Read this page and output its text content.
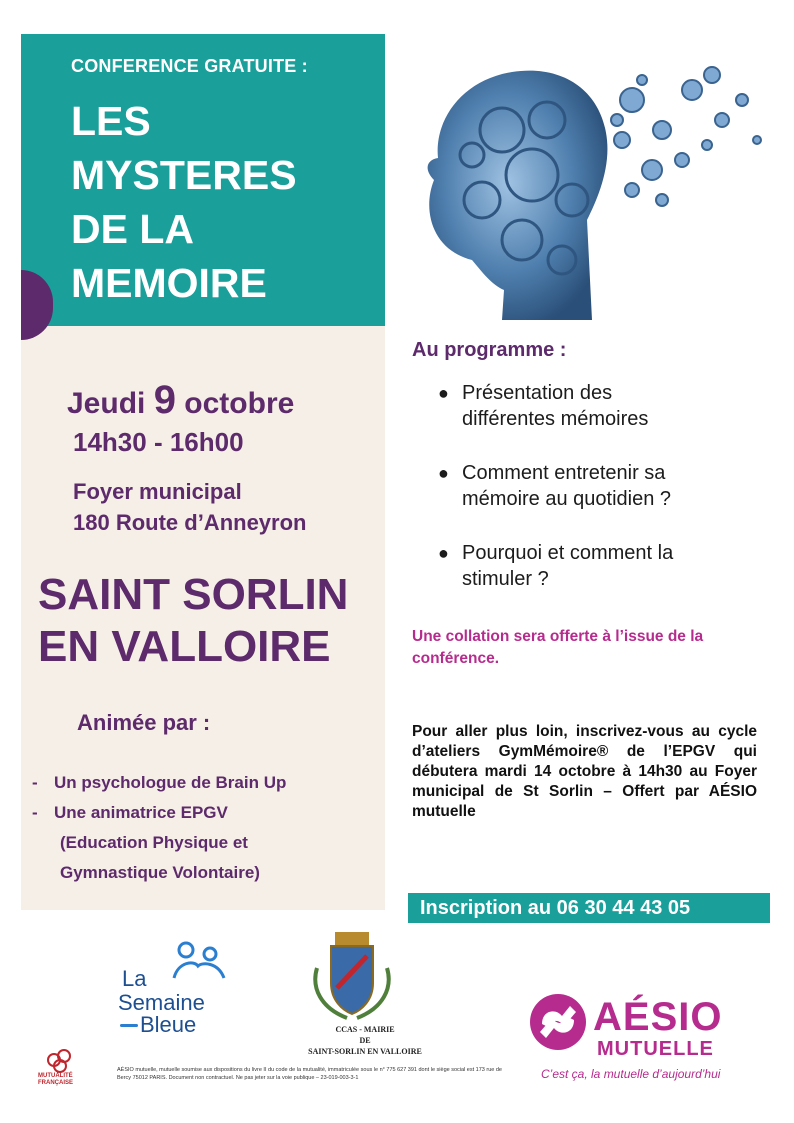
CONFERENCE GRATUITE :
LES
MYSTERES
DE LA
MEMOIRE
Jeudi 9 octobre
14h30 - 16h00
Foyer municipal
180 Route d’Anneyron
SAINT SORLIN
EN VALLOIRE
Animée par :
- Un psychologue de Brain Up
- Une animatrice EPGV
(Education Physique et
Gymnastique Volontaire)
Au programme :
● Présentation des
différentes mémoires
● Comment entretenir sa
mémoire au quotidien ?
● Pourquoi et comment la
stimuler ?
Une collation sera offerte à l’issue de la conférence.
Pour aller plus loin, inscrivez-vous au cycle d’ateliers GymMémoire® de l’EPGV qui débutera mardi 14 octobre à 14h30 au Foyer municipal de St Sorlin – Offert par AÉSIO mutuelle
Inscription au 06 30 44 43 05
La
Semaine
Bleue	CCAS - MAIRIE
DE
SAINT-SORLIN EN VALLOIRE
MUTUALITÉ
FRANÇAISE
AÉSIO mutuelle, mutuelle soumise aux dispositions du livre II du code de la mutualité, immatriculée sous le n° 775 627 391 dont le siège social est 173 rue de Bercy 75012 PARIS. Document non contractuel. Ne pas jeter sur la voie publique – 23-019-003-3-1
AÉSIO
MUTUELLE
C’est ça, la mutuelle d’aujourd’hui
